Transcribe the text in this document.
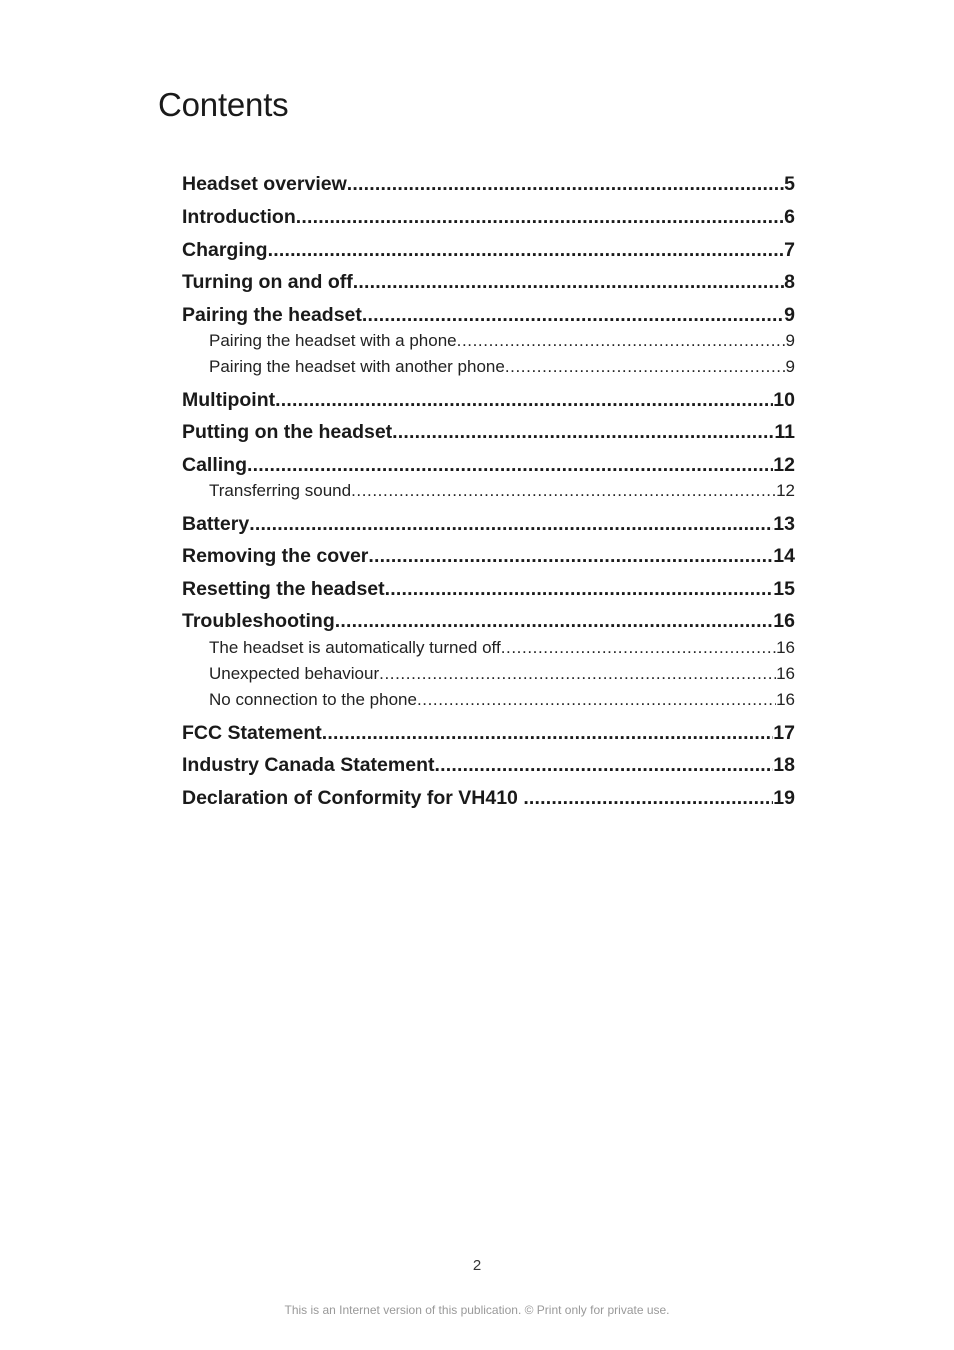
Contents
Headset overview .....	5
Introduction .....	6
Charging .....	7
Turning on and off .....	8
Pairing the headset .....	9
Pairing the headset with a phone .....	9
Pairing the headset with another phone .....	9
Multipoint .....	10
Putting on the headset .....	11
Calling .....	12
Transferring sound .....	12
Battery .....	13
Removing the cover .....	14
Resetting the headset .....	15
Troubleshooting .....	16
The headset is automatically turned off .....	16
Unexpected behaviour .....	16
No connection to the phone .....	16
FCC Statement .....	17
Industry Canada Statement .....	18
Declaration of Conformity for VH410 .....	19
2
This is an Internet version of this publication. © Print only for private use.
